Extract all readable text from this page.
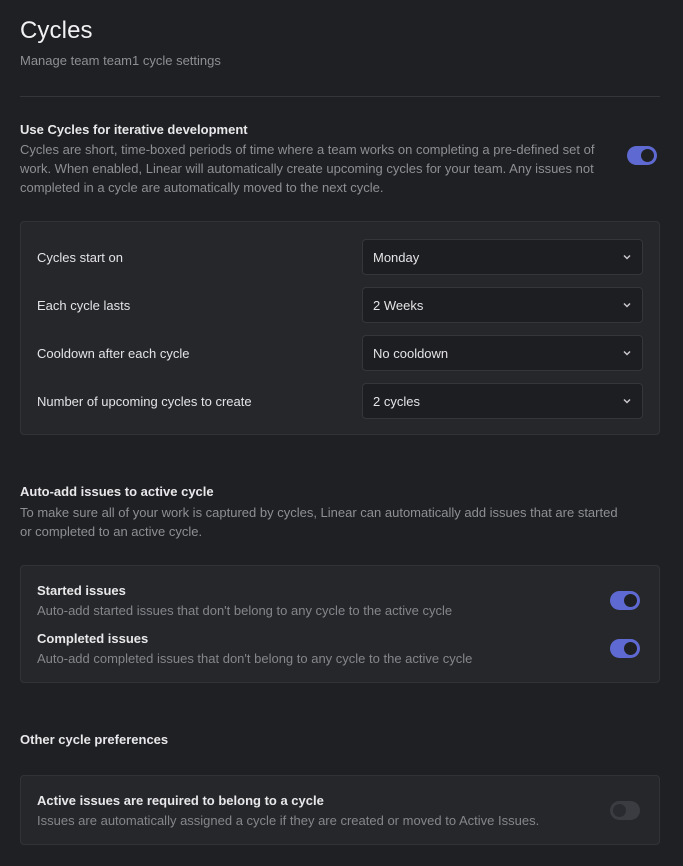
Cycles
Manage team team1 cycle settings
Use Cycles for iterative development
Cycles are short, time-boxed periods of time where a team works on completing a pre-defined set of work. When enabled, Linear will automatically create upcoming cycles for your team. Any issues not completed in a cycle are automatically moved to the next cycle.
Cycles start on	Monday
Each cycle lasts	2 Weeks
Cooldown after each cycle	No cooldown
Number of upcoming cycles to create	2 cycles
Auto-add issues to active cycle
To make sure all of your work is captured by cycles, Linear can automatically add issues that are started or completed to an active cycle.
Started issues
Auto-add started issues that don't belong to any cycle to the active cycle
Completed issues
Auto-add completed issues that don't belong to any cycle to the active cycle
Other cycle preferences
Active issues are required to belong to a cycle
Issues are automatically assigned a cycle if they are created or moved to Active Issues.
